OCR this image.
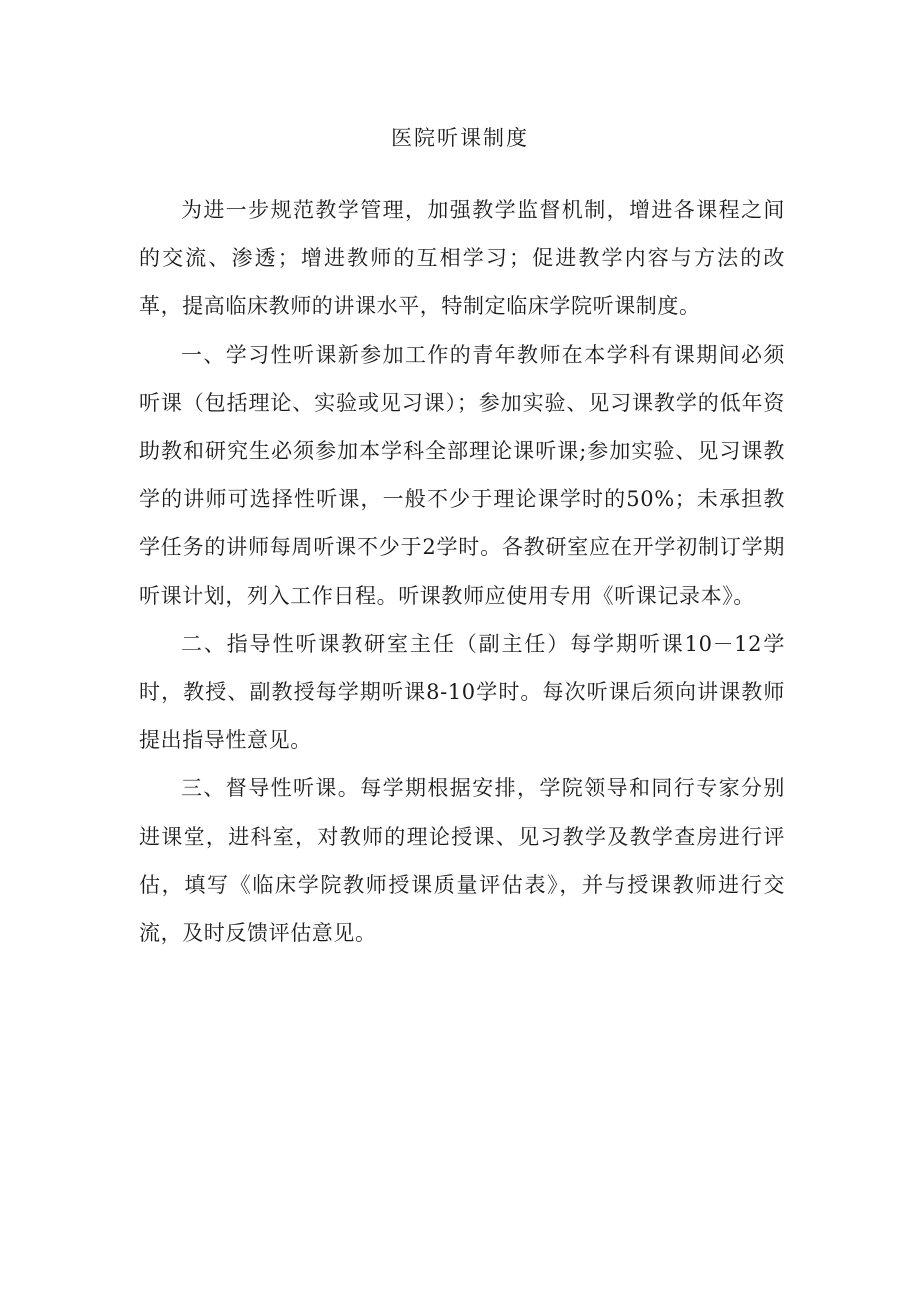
医院听课制度

为进一步规范教学管理，加强教学监督机制，增进各课程之间的交流、渗透；增进教师的互相学习；促进教学内容与方法的改革，提高临床教师的讲课水平，特制定临床学院听课制度。

一、学习性听课新参加工作的青年教师在本学科有课期间必须听课（包括理论、实验或见习课）；参加实验、见习课教学的低年资助教和研究生必须参加本学科全部理论课听课;参加实验、见习课教学的讲师可选择性听课，一般不少于理论课学时的50%；未承担教学任务的讲师每周听课不少于2学时。各教研室应在开学初制订学期听课计划，列入工作日程。听课教师应使用专用《听课记录本》。

二、指导性听课教研室主任（副主任）每学期听课10－12学时，教授、副教授每学期听课8-10学时。每次听课后须向讲课教师提出指导性意见。

三、督导性听课。每学期根据安排，学院领导和同行专家分别进课堂，进科室，对教师的理论授课、见习教学及教学查房进行评估，填写《临床学院教师授课质量评估表》，并与授课教师进行交流，及时反馈评估意见。
